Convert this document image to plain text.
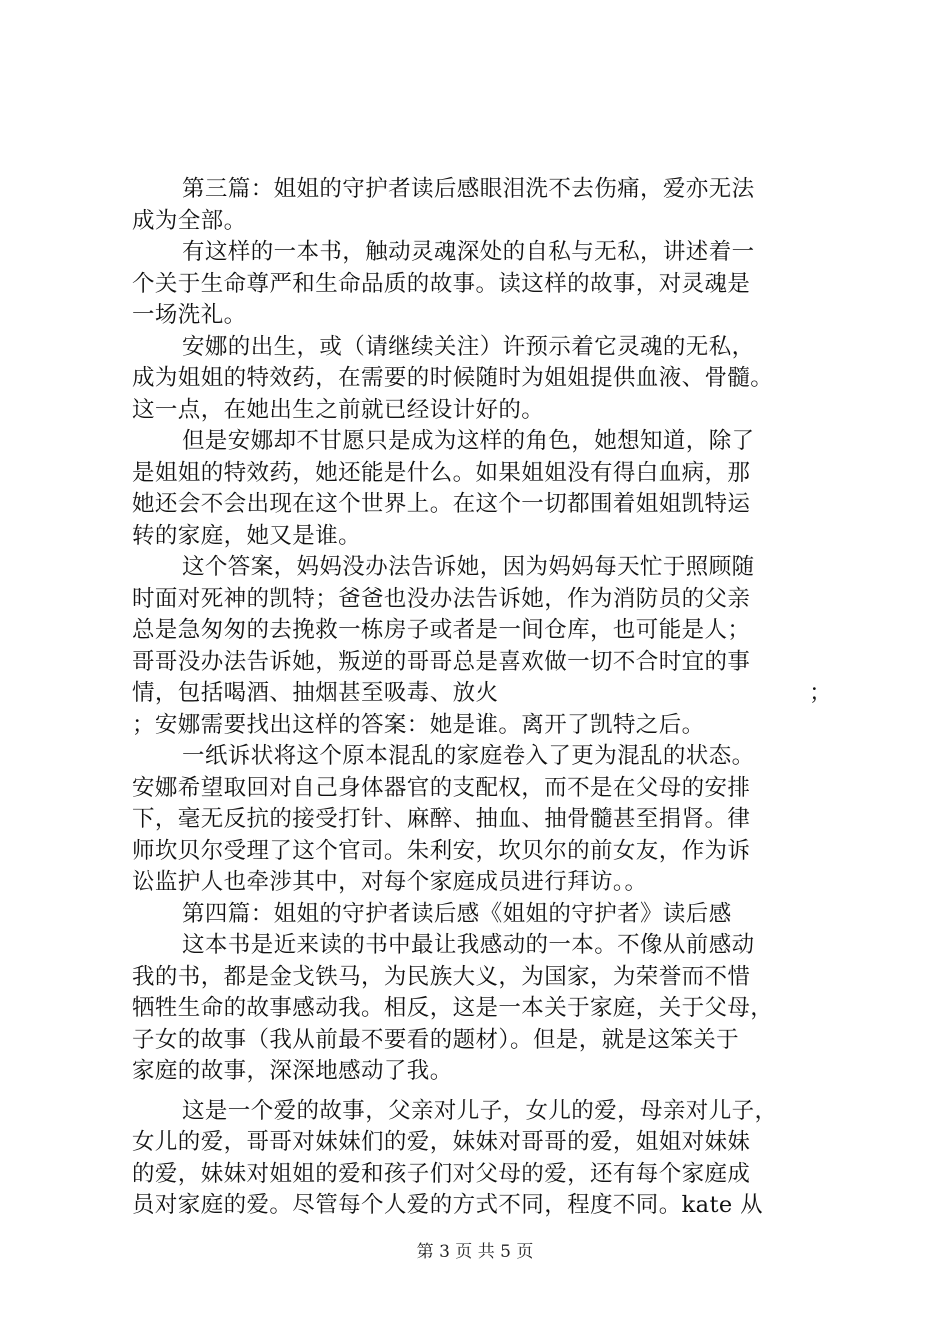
第三篇：姐姐的守护者读后感眼泪洗不去伤痛，爱亦无法
成为全部。
有这样的一本书，触动灵魂深处的自私与无私，讲述着一
个关于生命尊严和生命品质的故事。读这样的故事，对灵魂是
一场洗礼。
安娜的出生，或（请继续关注）许预示着它灵魂的无私，
成为姐姐的特效药，在需要的时候随时为姐姐提供血液、骨髓。
这一点，在她出生之前就已经设计好的。
但是安娜却不甘愿只是成为这样的角色，她想知道，除了
是姐姐的特效药，她还能是什么。如果姐姐没有得白血病，那
她还会不会出现在这个世界上。在这个一切都围着姐姐凯特运
转的家庭，她又是谁。
这个答案，妈妈没办法告诉她，因为妈妈每天忙于照顾随
时面对死神的凯特；爸爸也没办法告诉她，作为消防员的父亲
总是急匆匆的去挽救一栋房子或者是一间仓库，也可能是人；
哥哥没办法告诉她，叛逆的哥哥总是喜欢做一切不合时宜的事
情，包括喝酒、抽烟甚至吸毒、放火	；
；安娜需要找出这样的答案：她是谁。离开了凯特之后。
一纸诉状将这个原本混乱的家庭卷入了更为混乱的状态。
安娜希望取回对自己身体器官的支配权，而不是在父母的安排
下，毫无反抗的接受打针、麻醉、抽血、抽骨髓甚至捐肾。律
师坎贝尔受理了这个官司。朱利安，坎贝尔的前女友，作为诉
讼监护人也牵涉其中，对每个家庭成员进行拜访。。
第四篇：姐姐的守护者读后感《姐姐的守护者》读后感
这本书是近来读的书中最让我感动的一本。不像从前感动
我的书，都是金戈铁马，为民族大义，为国家，为荣誉而不惜
牺牲生命的故事感动我。相反，这是一本关于家庭，关于父母，
子女的故事（我从前最不要看的题材）。但是，就是这笨关于
家庭的故事，深深地感动了我。
这是一个爱的故事，父亲对儿子，女儿的爱，母亲对儿子，
女儿的爱，哥哥对妹妹们的爱，妹妹对哥哥的爱，姐姐对妹妹
的爱，妹妹对姐姐的爱和孩子们对父母的爱，还有每个家庭成
员对家庭的爱。尽管每个人爱的方式不同，程度不同。kate 从
第 3 页 共 5 页
